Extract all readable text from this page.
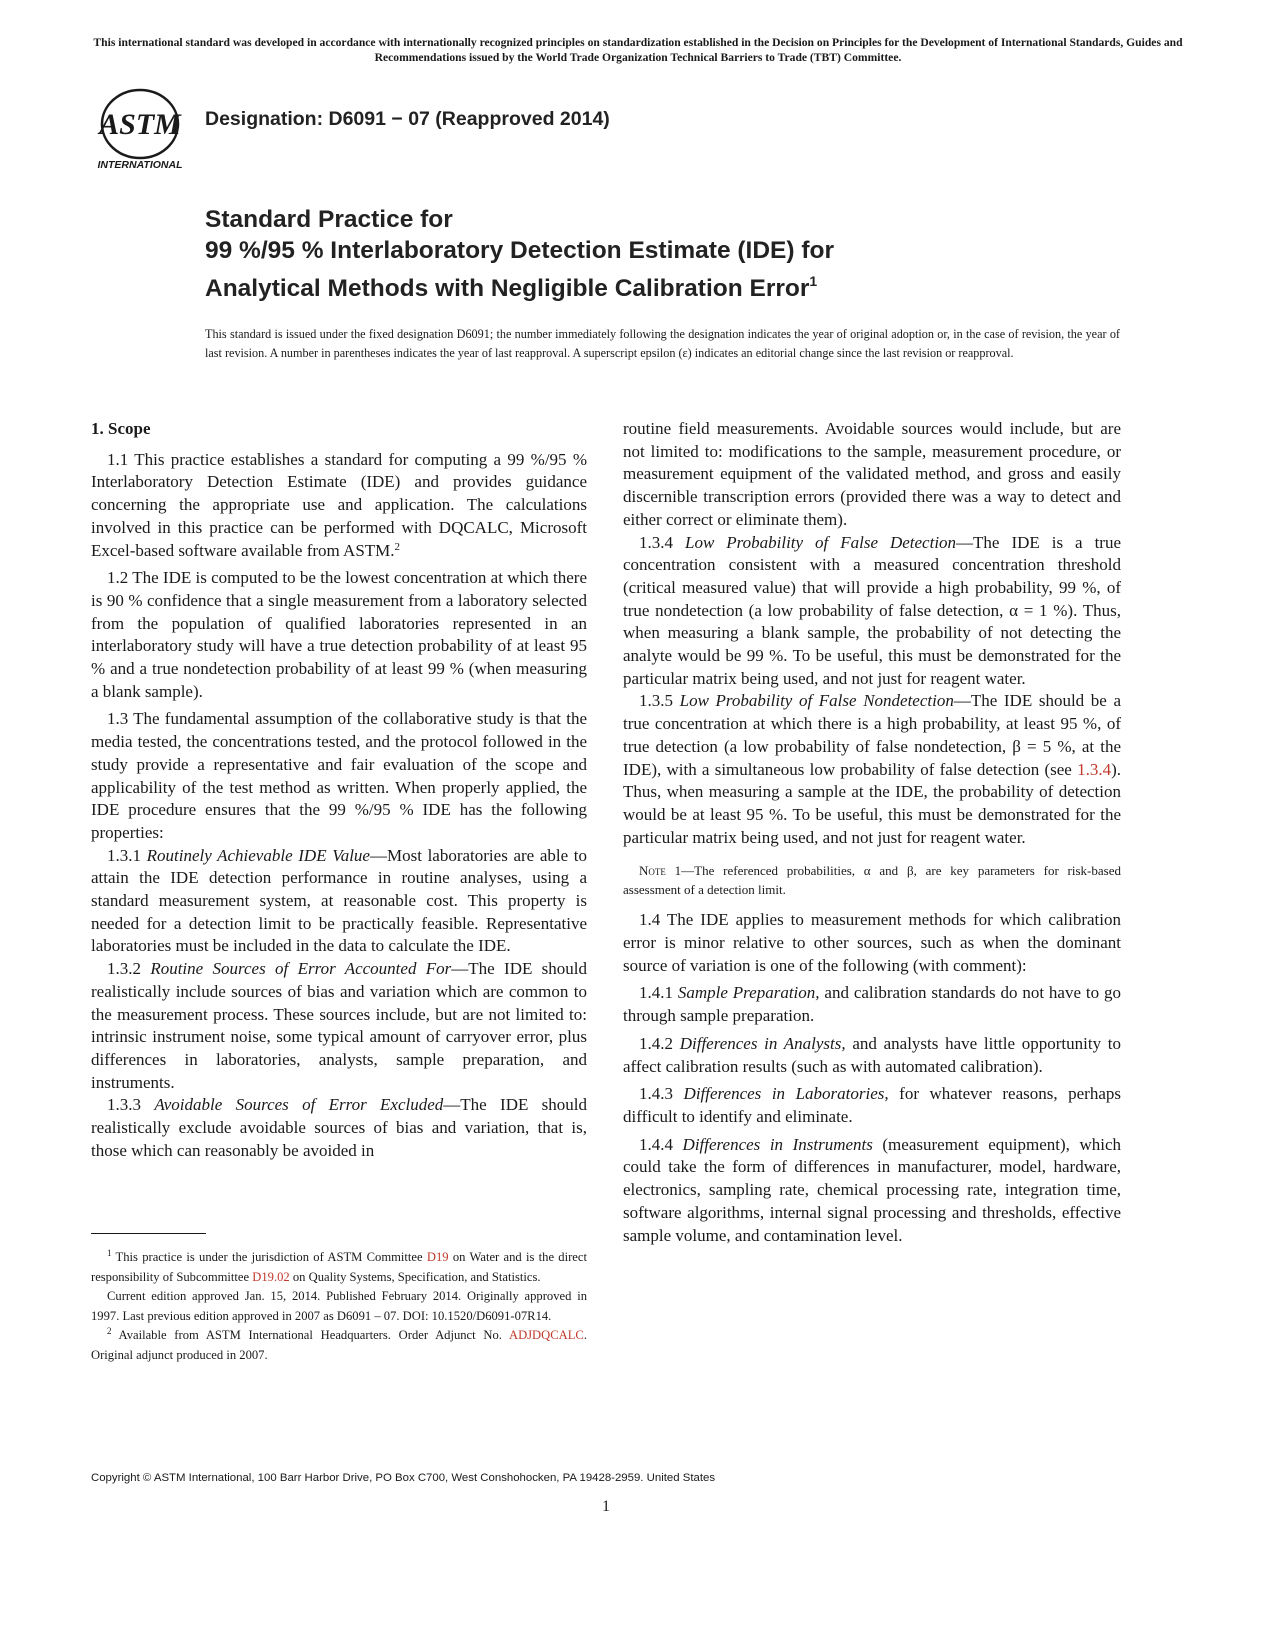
This international standard was developed in accordance with internationally recognized principles on standardization established in the Decision on Principles for the Development of International Standards, Guides and Recommendations issued by the World Trade Organization Technical Barriers to Trade (TBT) Committee.
ASTM
INTERNATIONAL
Designation: D6091 − 07 (Reapproved 2014)
Standard Practice for
99 %/95 % Interlaboratory Detection Estimate (IDE) for
Analytical Methods with Negligible Calibration Error$^1$
This standard is issued under the fixed designation D6091; the number immediately following the designation indicates the year of original adoption or, in the case of revision, the year of last revision. A number in parentheses indicates the year of last reapproval. A superscript epsilon (ε) indicates an editorial change since the last revision or reapproval.
1. Scope

1.1 This practice establishes a standard for computing a 99 %/95 % Interlaboratory Detection Estimate (IDE) and provides guidance concerning the appropriate use and application. The calculations involved in this practice can be performed with DQCALC, Microsoft Excel-based software available from ASTM.$^2$

1.2 The IDE is computed to be the lowest concentration at which there is 90 % confidence that a single measurement from a laboratory selected from the population of qualified laboratories represented in an interlaboratory study will have a true detection probability of at least 95 % and a true nondetection probability of at least 99 % (when measuring a blank sample).

1.3 The fundamental assumption of the collaborative study is that the media tested, the concentrations tested, and the protocol followed in the study provide a representative and fair evaluation of the scope and applicability of the test method as written. When properly applied, the IDE procedure ensures that the 99 %/95 % IDE has the following properties:

1.3.1 Routinely Achievable IDE Value—Most laboratories are able to attain the IDE detection performance in routine analyses, using a standard measurement system, at reasonable cost. This property is needed for a detection limit to be practically feasible. Representative laboratories must be included in the data to calculate the IDE.

1.3.2 Routine Sources of Error Accounted For—The IDE should realistically include sources of bias and variation which are common to the measurement process. These sources include, but are not limited to: intrinsic instrument noise, some typical amount of carryover error, plus differences in laboratories, analysts, sample preparation, and instruments.

1.3.3 Avoidable Sources of Error Excluded—The IDE should realistically exclude avoidable sources of bias and variation, that is, those which can reasonably be avoided in

routine field measurements. Avoidable sources would include, but are not limited to: modifications to the sample, measurement procedure, or measurement equipment of the validated method, and gross and easily discernible transcription errors (provided there was a way to detect and either correct or eliminate them).

1.3.4 Low Probability of False Detection—The IDE is a true concentration consistent with a measured concentration threshold (critical measured value) that will provide a high probability, 99 %, of true nondetection (a low probability of false detection, α = 1 %). Thus, when measuring a blank sample, the probability of not detecting the analyte would be 99 %. To be useful, this must be demonstrated for the particular matrix being used, and not just for reagent water.

1.3.5 Low Probability of False Nondetection—The IDE should be a true concentration at which there is a high probability, at least 95 %, of true detection (a low probability of false nondetection, β = 5 %, at the IDE), with a simultaneous low probability of false detection (see 1.3.4). Thus, when measuring a sample at the IDE, the probability of detection would be at least 95 %. To be useful, this must be demonstrated for the particular matrix being used, and not just for reagent water.

Note 1—The referenced probabilities, α and β, are key parameters for risk-based assessment of a detection limit.

1.4 The IDE applies to measurement methods for which calibration error is minor relative to other sources, such as when the dominant source of variation is one of the following (with comment):

1.4.1 Sample Preparation, and calibration standards do not have to go through sample preparation.

1.4.2 Differences in Analysts, and analysts have little opportunity to affect calibration results (such as with automated calibration).

1.4.3 Differences in Laboratories, for whatever reasons, perhaps difficult to identify and eliminate.

1.4.4 Differences in Instruments (measurement equipment), which could take the form of differences in manufacturer, model, hardware, electronics, sampling rate, chemical processing rate, integration time, software algorithms, internal signal processing and thresholds, effective sample volume, and contamination level.

$^1$ This practice is under the jurisdiction of ASTM Committee D19 on Water and is the direct responsibility of Subcommittee D19.02 on Quality Systems, Specification, and Statistics.

Current edition approved Jan. 15, 2014. Published February 2014. Originally approved in 1997. Last previous edition approved in 2007 as D6091 – 07. DOI: 10.1520/D6091-07R14.

$^2$ Available from ASTM International Headquarters. Order Adjunct No. ADJDQCALC. Original adjunct produced in 2007.

Copyright © ASTM International, 100 Barr Harbor Drive, PO Box C700, West Conshohocken, PA 19428-2959. United States
1
